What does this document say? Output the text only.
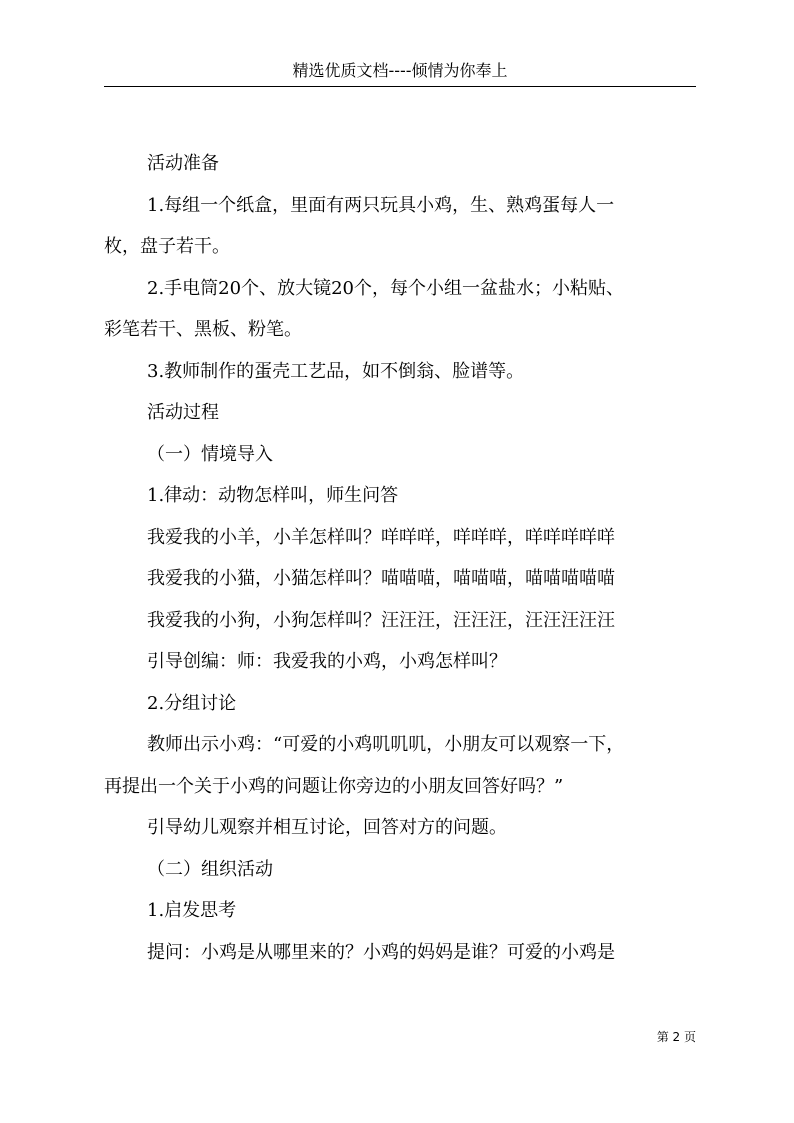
精选优质文档----倾情为你奉上
活动准备
1.每组一个纸盒，里面有两只玩具小鸡，生、熟鸡蛋每人一
枚，盘子若干。
2.手电筒20个、放大镜20个，每个小组一盆盐水；小粘贴、
彩笔若干、黑板、粉笔。
3.教师制作的蛋壳工艺品，如不倒翁、脸谱等。
活动过程
（一）情境导入
1.律动：动物怎样叫，师生问答
我爱我的小羊，小羊怎样叫？咩咩咩，咩咩咩，咩咩咩咩咩
我爱我的小猫，小猫怎样叫？喵喵喵，喵喵喵，喵喵喵喵喵
我爱我的小狗，小狗怎样叫？汪汪汪，汪汪汪，汪汪汪汪汪
引导创编：师：我爱我的小鸡，小鸡怎样叫？
2.分组讨论
教师出示小鸡：“可爱的小鸡叽叽叽，小朋友可以观察一下，
再提出一个关于小鸡的问题让你旁边的小朋友回答好吗？”
引导幼儿观察并相互讨论，回答对方的问题。
（二）组织活动
1.启发思考
提问：小鸡是从哪里来的？小鸡的妈妈是谁？可爱的小鸡是
第 2 页
